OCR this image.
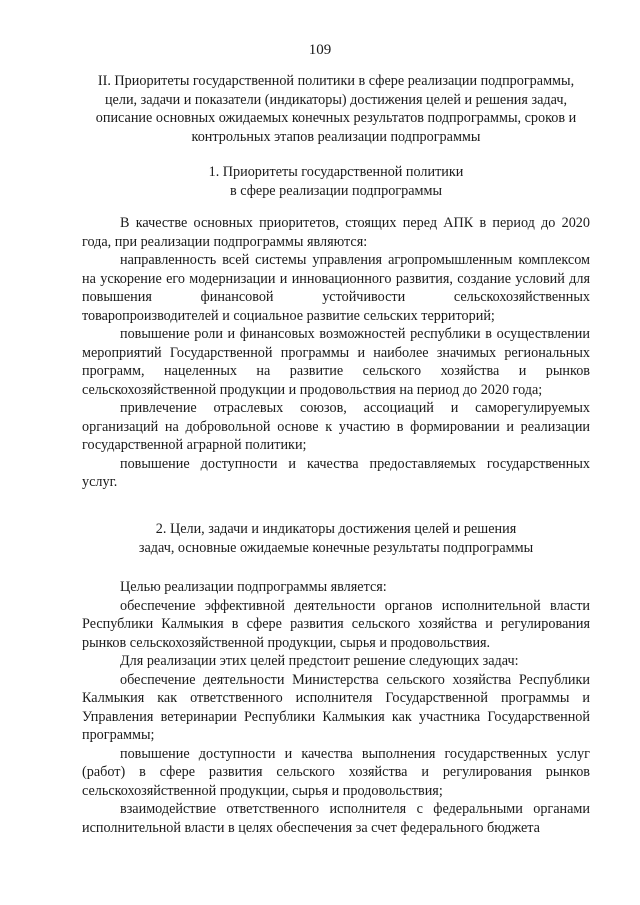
109
II. Приоритеты государственной политики в сфере реализации подпрограммы, цели, задачи и показатели (индикаторы) достижения целей и решения задач, описание основных ожидаемых конечных результатов подпрограммы, сроков и контрольных этапов реализации подпрограммы
1. Приоритеты государственной политики
в сфере реализации подпрограммы

В качестве основных приоритетов, стоящих перед АПК в период до 2020 года, при реализации подпрограммы являются:

направленность всей системы управления агропромышленным комплексом на ускорение его модернизации и инновационного развития, создание условий для повышения финансовой устойчивости сельскохозяйственных товаропроизводителей и социальное развитие сельских территорий;

повышение роли и финансовых возможностей республики в осуществлении мероприятий Государственной программы и наиболее значимых региональных программ, нацеленных на развитие сельского хозяйства и рынков сельскохозяйственной продукции и продовольствия на период до 2020 года;

привлечение отраслевых союзов, ассоциаций и саморегулируемых организаций на добровольной основе к участию в формировании и реализации государственной аграрной политики;

повышение доступности и качества предоставляемых государственных услуг.

2. Цели, задачи и индикаторы достижения целей и решения
задач, основные ожидаемые конечные результаты подпрограммы

Целью реализации подпрограммы является:

обеспечение эффективной деятельности органов исполнительной власти Республики Калмыкия в сфере развития сельского хозяйства и регулирования рынков сельскохозяйственной продукции, сырья и продовольствия.

Для реализации этих целей предстоит решение следующих задач:

обеспечение деятельности Министерства сельского хозяйства Республики Калмыкия как ответственного исполнителя Государственной программы и Управления ветеринарии Республики Калмыкия как участника Государственной программы;

повышение доступности и качества выполнения государственных услуг (работ) в сфере развития сельского хозяйства и регулирования рынков сельскохозяйственной продукции, сырья и продовольствия;

взаимодействие ответственного исполнителя с федеральными органами исполнительной власти в целях обеспечения за счет федерального бюджета
